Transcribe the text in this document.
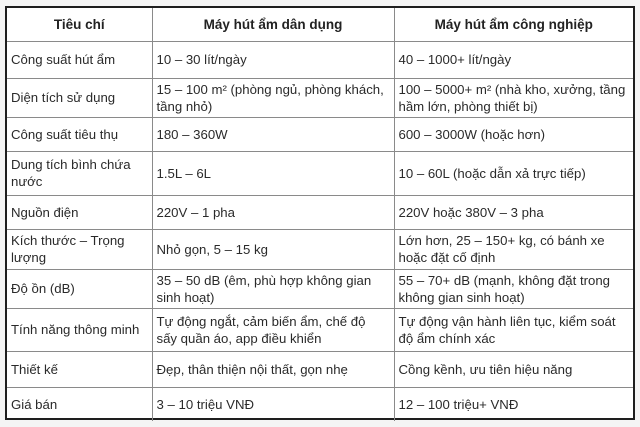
Tiêu chí	Máy hút ẩm dân dụng	Máy hút ẩm công nghiệp
Công suất hút ẩm	10 – 30 lít/ngày	40 – 1000+ lít/ngày
Diện tích sử dụng	15 – 100 m² (phòng ngủ, phòng khách, tầng nhỏ)	100 – 5000+ m² (nhà kho, xưởng, tầng hầm lớn, phòng thiết bị)
Công suất tiêu thụ	180 – 360W	600 – 3000W (hoặc hơn)
Dung tích bình chứa nước	1.5L – 6L	10 – 60L (hoặc dẫn xả trực tiếp)
Nguồn điện	220V – 1 pha	220V hoặc 380V – 3 pha
Kích thước – Trọng lượng	Nhỏ gọn, 5 – 15 kg	Lớn hơn, 25 – 150+ kg, có bánh xe hoặc đặt cố định
Độ ồn (dB)	35 – 50 dB (êm, phù hợp không gian sinh hoạt)	55 – 70+ dB (mạnh, không đặt trong không gian sinh hoạt)
Tính năng thông minh	Tự động ngắt, cảm biến ẩm, chế độ sấy quần áo, app điều khiển	Tự động vận hành liên tục, kiểm soát độ ẩm chính xác
Thiết kế	Đẹp, thân thiện nội thất, gọn nhẹ	Cồng kềnh, ưu tiên hiệu năng
Giá bán	3 – 10 triệu VNĐ	12 – 100 triệu+ VNĐ
